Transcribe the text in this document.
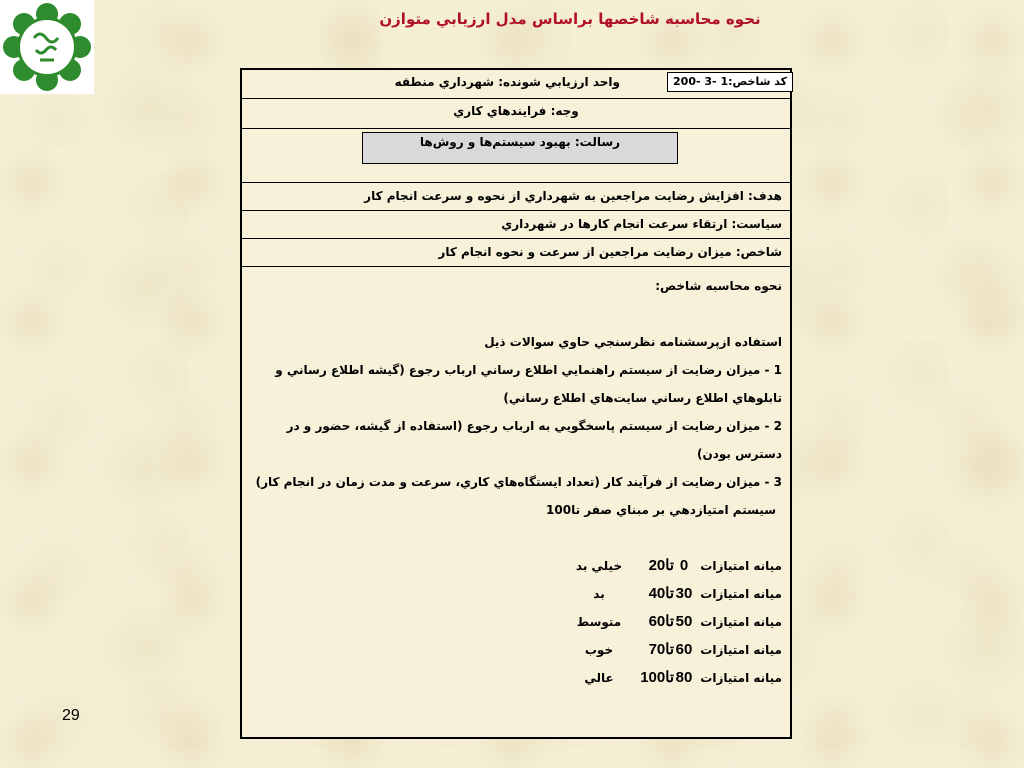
نحوه محاسبه شاخصها براساس مدل ارزيابي متوازن
واحد ارزيابي شونده: شهرداري منطقه	كد شاخص:1 -3 -200
وجه: فرايندهاي كاري
رسالت: بهبود سيستم‌ها و روش‌ها
هدف: افزايش رضايت مراجعين به شهرداري از نحوه و سرعت انجام كار
سياست: ارتقاء سرعت انجام كارها در شهرداري
شاخص: ميزان رضايت مراجعين از سرعت و نحوه انجام كار

نحوه محاسبه شاخص:

استفاده ازپرسشنامه نظرسنجي حاوي سوالات ذيل

1 - ميزان رضايت از سيستم راهنمايي اطلاع رساني ارباب رجوع (گيشه اطلاع رساني و تابلوهاي اطلاع رساني سايت‌هاي اطلاع رساني)

2 - ميزان رضايت از سيستم پاسخگويي به ارباب رجوع (استفاده از گيشه، حضور و در دسترس بودن)

3 - ميزان رضايت از فرآيند كار (تعداد ايستگاه‌هاي كاري، سرعت و مدت زمان در انجام كار)

سيستم امتيازدهي بر مبناي صفر تا100

ميانه امتيازات
0
تا20
خيلي بد
ميانه امتيازات
30
تا40
بد
ميانه امتيازات
50
تا60
متوسط
ميانه امتيازات
60
تا70
خوب
ميانه امتيازات
80
تا100
عالي
29
